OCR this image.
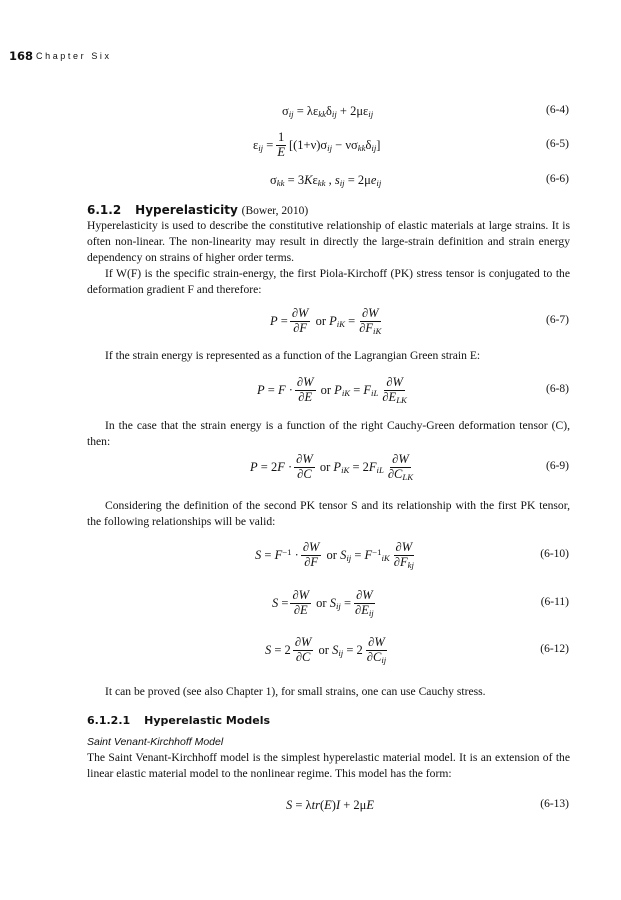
168 Chapter Six
$\sigma_{ij} = \lambda\varepsilon_{kk}\delta_{ij} + 2\mu\varepsilon_{ij}$	(6-4)
$\varepsilon_{ij} = \frac{1}{E} [(1+\nu)\sigma_{ij} - \nu\sigma_{kk}\delta_{ij}]$	(6-5)
$\sigma_{kk} = 3K\varepsilon_{kk}$ , $s_{ij} = 2\mu e_{ij}$	(6-6)
6.1.2 Hyperelasticity (Bower, 2010)

Hyperelasticity is used to describe the constitutive relationship of elastic materials at large strains. It is often non-linear. The non-linearity may result in directly the large-strain definition and strain energy dependency on strains of higher order terms.

If W(F) is the specific strain-energy, the first Piola-Kirchoff (PK) stress tensor is conjugated to the deformation gradient F and therefore:

$P = \frac{\partial W}{\partial F}$ or $P_{iK} = \frac{\partial W}{\partial F_{iK}}$	(6-7)

If the strain energy is represented as a function of the Lagrangian Green strain E:

$P = F \cdot \frac{\partial W}{\partial E}$ or $P_{iK} = F_{iL} \frac{\partial W}{\partial E_{LK}}$	(6-8)

In the case that the strain energy is a function of the right Cauchy-Green deformation tensor (C), then:

$P = 2F \cdot \frac{\partial W}{\partial C}$ or $P_{iK} = 2F_{iL} \frac{\partial W}{\partial C_{LK}}$	(6-9)

Considering the definition of the second PK tensor S and its relationship with the first PK tensor, the following relationships will be valid:

$S = F^{-1} \cdot \frac{\partial W}{\partial F}$ or $S_{ij} = F^{-1}_{iK} \frac{\partial W}{\partial F_{kj}}$	(6-10)
$S = \frac{\partial W}{\partial E}$ or $S_{ij} = \frac{\partial W}{\partial E_{ij}}$	(6-11)
$S = 2 \frac{\partial W}{\partial C}$ or $S_{ij} = 2 \frac{\partial W}{\partial C_{ij}}$	(6-12)

It can be proved (see also Chapter 1), for small strains, one can use Cauchy stress.

6.1.2.1 Hyperelastic Models
Saint Venant-Kirchhoff Model

The Saint Venant-Kirchhoff model is the simplest hyperelastic material model. It is an extension of the linear elastic material model to the nonlinear regime. This model has the form:

S = λtr(E)I + 2μE	(6-13)
